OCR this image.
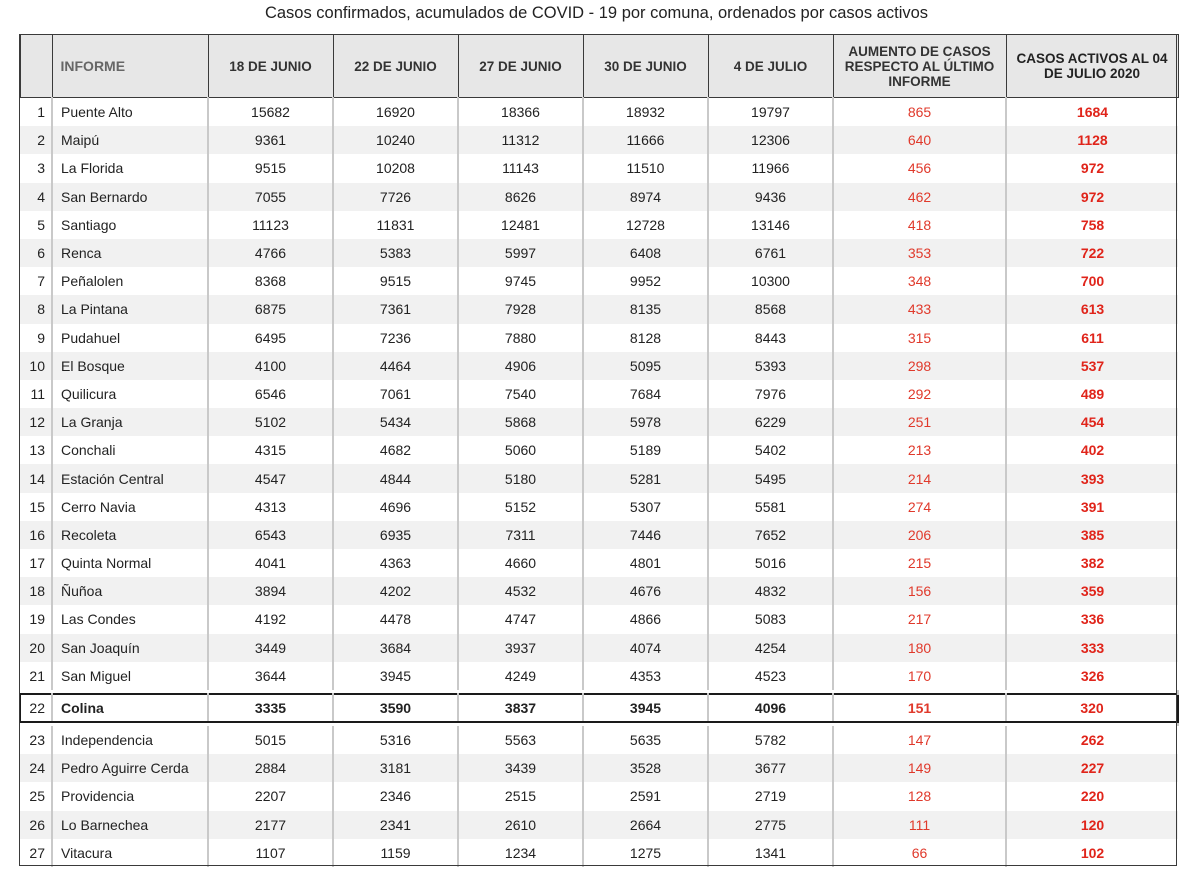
Casos confirmados, acumulados de COVID - 19 por comuna, ordenados por casos activos
	INFORME	18 DE JUNIO	22 DE JUNIO	27 DE JUNIO	30 DE JUNIO	4 DE JULIO	AUMENTO DE CASOS RESPECTO AL ÚLTIMO INFORME	CASOS ACTIVOS AL 04 DE JULIO 2020
1	Puente Alto	15682	16920	18366	18932	19797	865	1684
2	Maipú	9361	10240	11312	11666	12306	640	1128
3	La Florida	9515	10208	11143	11510	11966	456	972
4	San Bernardo	7055	7726	8626	8974	9436	462	972
5	Santiago	11123	11831	12481	12728	13146	418	758
6	Renca	4766	5383	5997	6408	6761	353	722
7	Peñalolen	8368	9515	9745	9952	10300	348	700
8	La Pintana	6875	7361	7928	8135	8568	433	613
9	Pudahuel	6495	7236	7880	8128	8443	315	611
10	El Bosque	4100	4464	4906	5095	5393	298	537
11	Quilicura	6546	7061	7540	7684	7976	292	489
12	La Granja	5102	5434	5868	5978	6229	251	454
13	Conchali	4315	4682	5060	5189	5402	213	402
14	Estación Central	4547	4844	5180	5281	5495	214	393
15	Cerro Navia	4313	4696	5152	5307	5581	274	391
16	Recoleta	6543	6935	7311	7446	7652	206	385
17	Quinta Normal	4041	4363	4660	4801	5016	215	382
18	Ñuñoa	3894	4202	4532	4676	4832	156	359
19	Las Condes	4192	4478	4747	4866	5083	217	336
20	San Joaquín	3449	3684	3937	4074	4254	180	333
21	San Miguel	3644	3945	4249	4353	4523	170	326

22	Colina	3335	3590	3837	3945	4096	151	320

23	Independencia	5015	5316	5563	5635	5782	147	262
24	Pedro Aguirre Cerda	2884	3181	3439	3528	3677	149	227
25	Providencia	2207	2346	2515	2591	2719	128	220
26	Lo Barnechea	2177	2341	2610	2664	2775	111	120
27	Vitacura	1107	1159	1234	1275	1341	66	102
